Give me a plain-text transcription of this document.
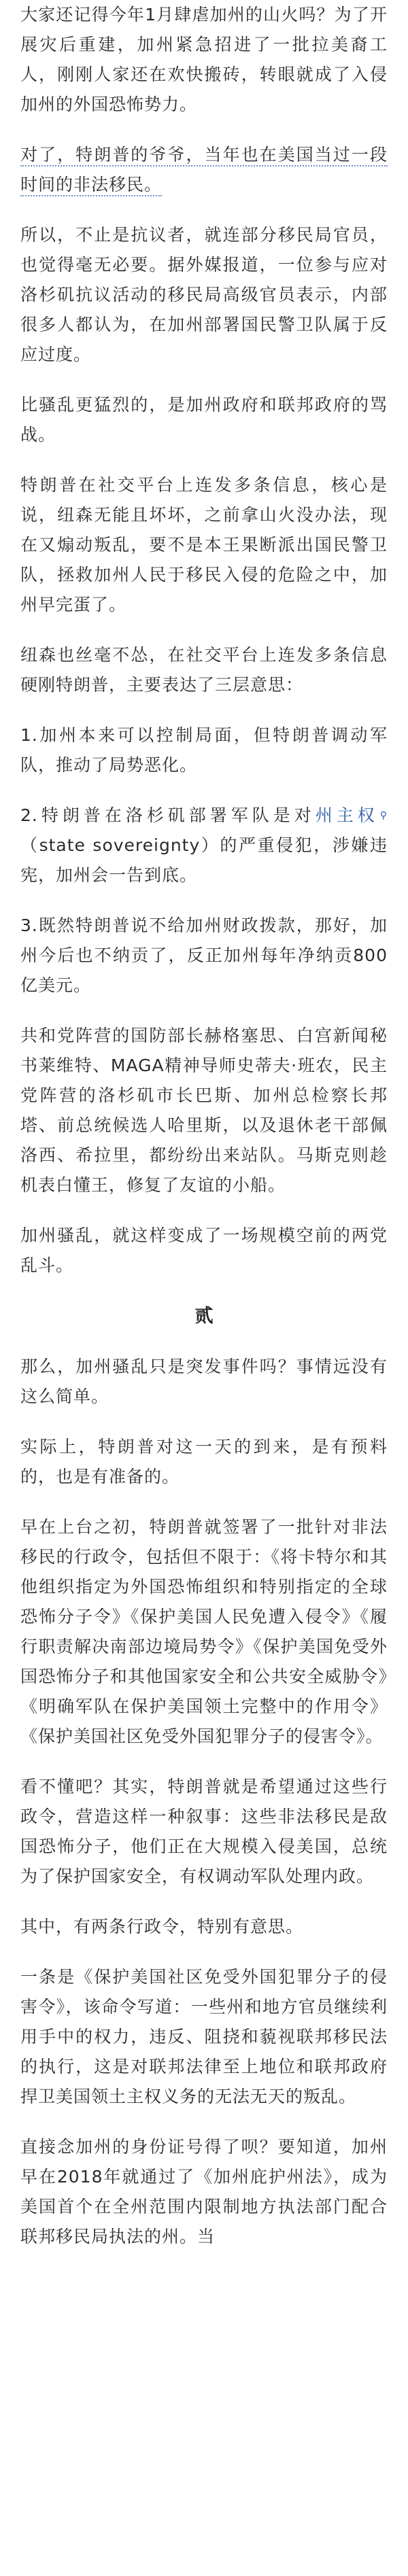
大家还记得今年1月肆虐加州的山火吗？为了开展灾后重建，加州紧急招进了一批拉美裔工人，刚刚人家还在欢快搬砖，转眼就成了入侵加州的外国恐怖势力。

对了，特朗普的爷爷，当年也在美国当过一段时间的非法移民。

所以，不止是抗议者，就连部分移民局官员，也觉得毫无必要。据外媒报道，一位参与应对洛杉矶抗议活动的移民局高级官员表示，内部很多人都认为，在加州部署国民警卫队属于反应过度。

比骚乱更猛烈的，是加州政府和联邦政府的骂战。

特朗普在社交平台上连发多条信息，核心是说，纽森无能且坏坏，之前拿山火没办法，现在又煽动叛乱，要不是本王果断派出国民警卫队，拯救加州人民于移民入侵的危险之中，加州早完蛋了。

纽森也丝毫不怂，在社交平台上连发多条信息硬刚特朗普，主要表达了三层意思：

1.加州本来可以控制局面，但特朗普调动军队，推动了局势恶化。

2.特朗普在洛杉矶部署军队是对州主权 ⚲（state sovereignty）的严重侵犯，涉嫌违宪，加州会一告到底。

3.既然特朗普说不给加州财政拨款，那好，加州今后也不纳贡了，反正加州每年净纳贡800亿美元。

共和党阵营的国防部长赫格塞思、白宫新闻秘书莱维特、MAGA精神导师史蒂夫·班农，民主党阵营的洛杉矶市长巴斯、加州总检察长邦塔、前总统候选人哈里斯，以及退休老干部佩洛西、希拉里，都纷纷出来站队。马斯克则趁机表白懂王，修复了友谊的小船。

加州骚乱，就这样变成了一场规模空前的两党乱斗。

贰

那么，加州骚乱只是突发事件吗？事情远没有这么简单。

实际上，特朗普对这一天的到来，是有预料的，也是有准备的。

早在上台之初，特朗普就签署了一批针对非法移民的行政令，包括但不限于：《将卡特尔和其他组织指定为外国恐怖组织和特别指定的全球恐怖分子令》《保护美国人民免遭入侵令》《履行职责解决南部边境局势令》《保护美国免受外国恐怖分子和其他国家安全和公共安全威胁令》《明确军队在保护美国领土完整中的作用令》《保护美国社区免受外国犯罪分子的侵害令》。

看不懂吧？其实，特朗普就是希望通过这些行政令，营造这样一种叙事：这些非法移民是敌国恐怖分子，他们正在大规模入侵美国，总统为了保护国家安全，有权调动军队处理内政。

其中，有两条行政令，特别有意思。

一条是《保护美国社区免受外国犯罪分子的侵害令》，该命令写道：一些州和地方官员继续利用手中的权力，违反、阻挠和藐视联邦移民法的执行，这是对联邦法律至上地位和联邦政府捍卫美国领土主权义务的无法无天的叛乱。

直接念加州的身份证号得了呗？要知道，加州早在2018年就通过了《加州庇护州法》，成为美国首个在全州范围内限制地方执法部门配合联邦移民局执法的州。当
